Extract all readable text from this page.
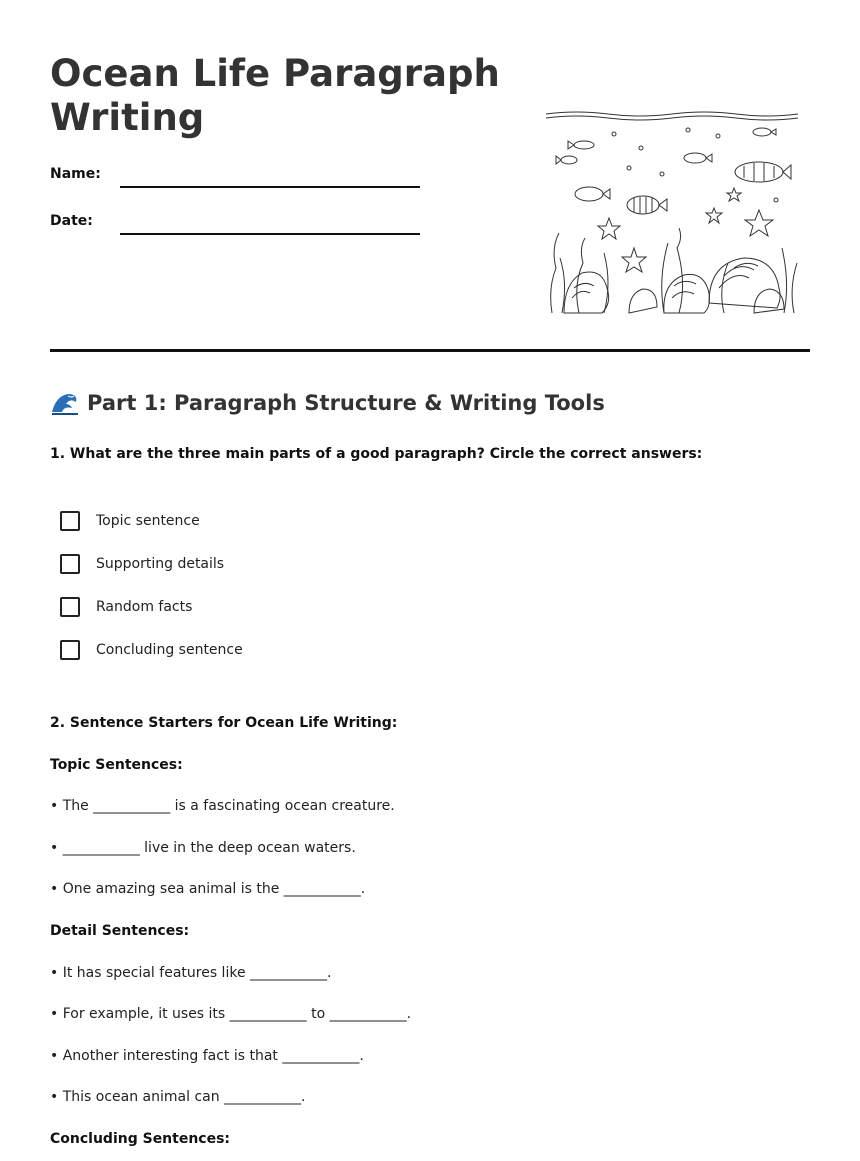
Ocean Life Paragraph Writing
Name:
Date:
Part 1: Paragraph Structure & Writing Tools
1. What are the three main parts of a good paragraph? Circle the correct answers:
Topic sentence
Supporting details
Random facts
Concluding sentence
2. Sentence Starters for Ocean Life Writing:
Topic Sentences:
• The ___________ is a fascinating ocean creature.
• ___________ live in the deep ocean waters.
• One amazing sea animal is the ___________.
Detail Sentences:
• It has special features like ___________.
• For example, it uses its ___________ to ___________.
• Another interesting fact is that ___________.
• This ocean animal can ___________.
Concluding Sentences:
